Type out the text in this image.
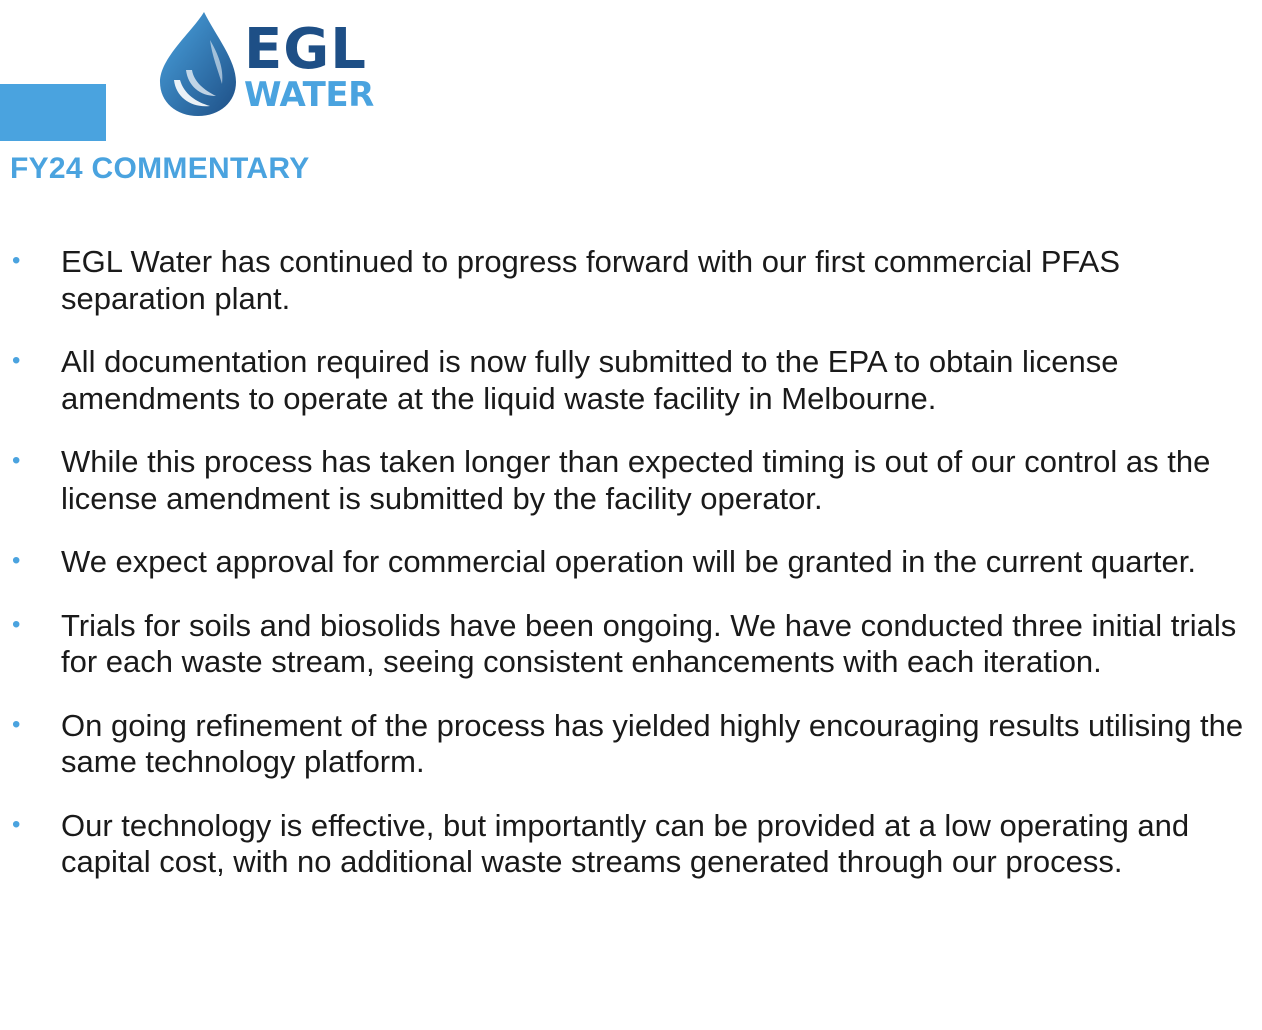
EGL
WATER
FY24 COMMENTARY
• EGL Water has continued to progress forward with our first commercial PFAS separation plant.
• All documentation required is now fully submitted to the EPA to obtain license amendments to operate at the liquid waste facility in Melbourne.
• While this process has taken longer than expected timing is out of our control as the license amendment is submitted by the facility operator.
• We expect approval for commercial operation will be granted in the current quarter.
• Trials for soils and biosolids have been ongoing. We have conducted three initial trials for each waste stream, seeing consistent enhancements with each iteration.
• On going refinement of the process has yielded highly encouraging results utilising the same technology platform.
• Our technology is effective, but importantly can be provided at a low operating and capital cost, with no additional waste streams generated through our process.
